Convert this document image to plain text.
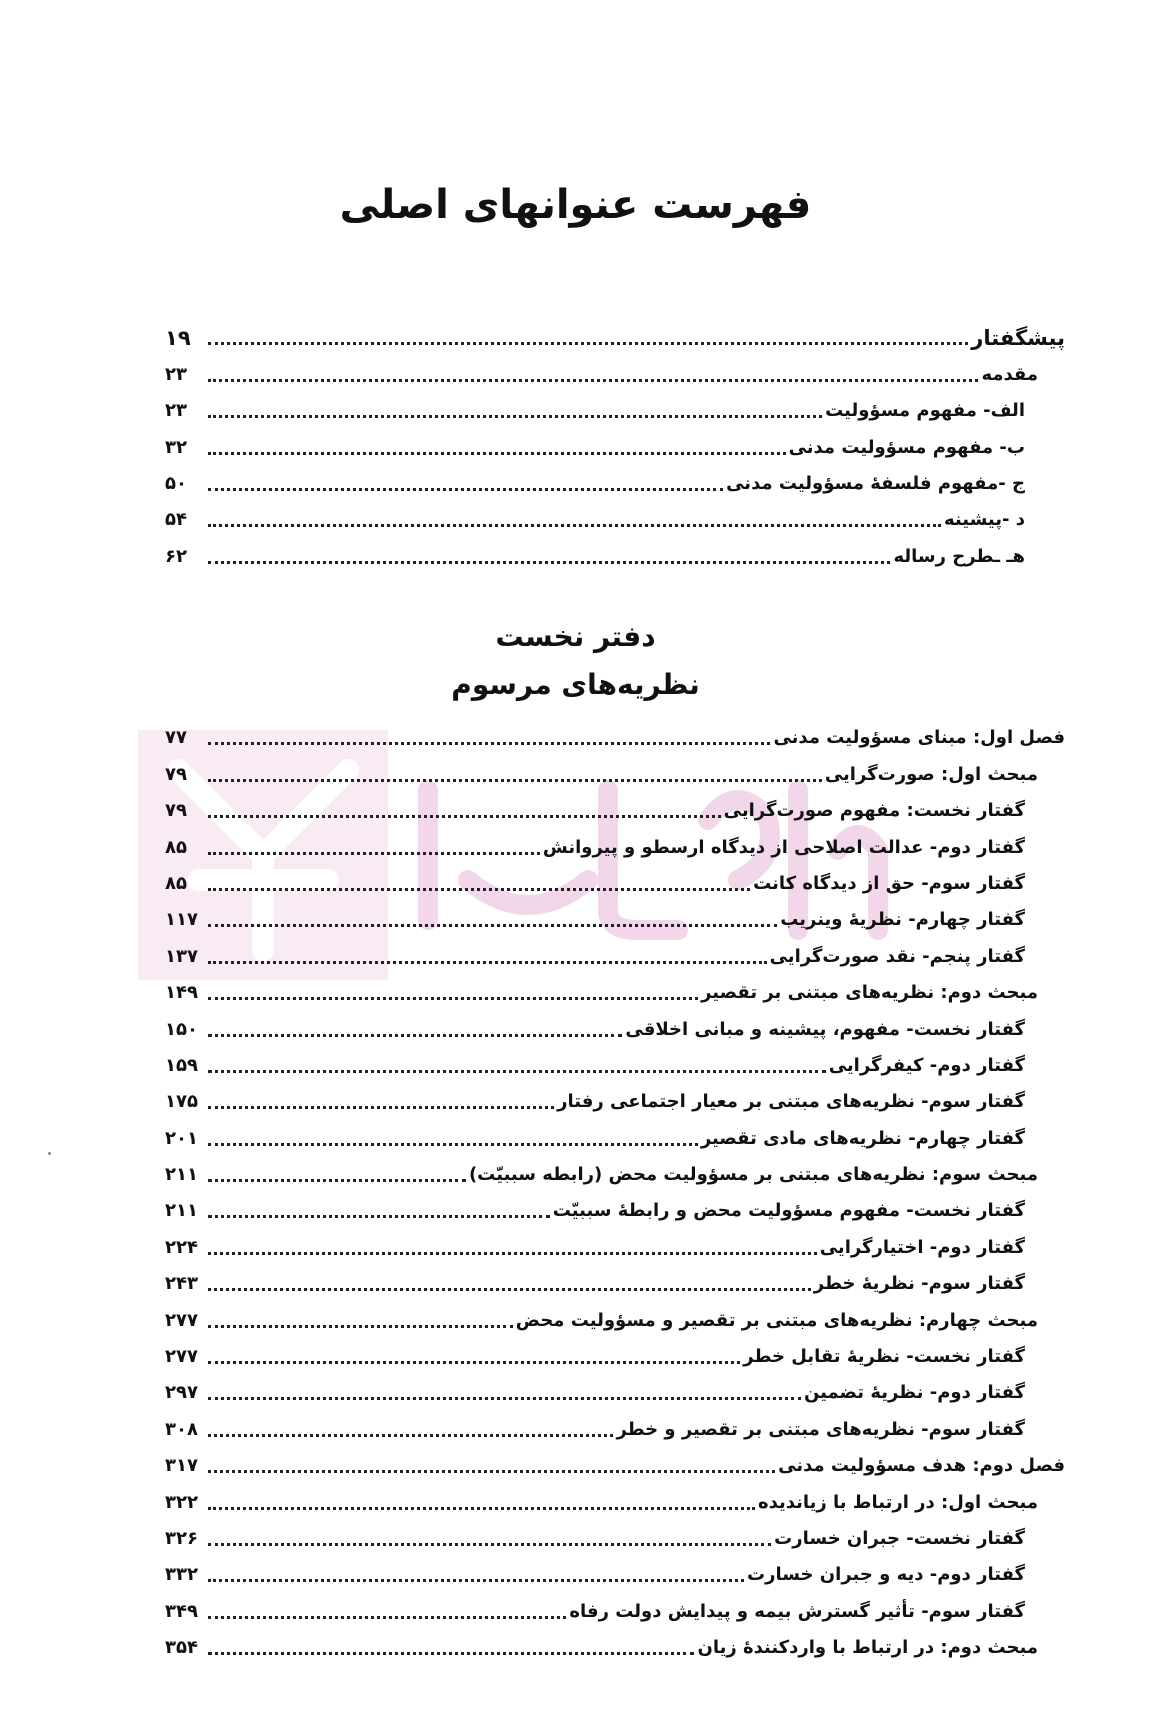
فهرست عنوانهای اصلی
پیشگفتار
۱۹
مقدمه
۲۳
الف- مفهوم مسؤولیت
۲۳
ب- مفهوم مسؤولیت مدنی
۳۲
ج -مفهوم فلسفهٔ مسؤولیت مدنی
۵۰
د -پیشینه
۵۴
هـ ـطرح رساله
۶۲
دفتر نخست
نظریه‌های مرسوم
فصل اول: مبنای مسؤولیت مدنی
۷۷
مبحث اول: صورت‌گرایی
۷۹
گفتار نخست: مفهوم صورت‌گرایی
۷۹
گفتار دوم- عدالت اصلاحی از دیدگاه ارسطو و پیروانش
۸۵
گفتار سوم- حق از دیدگاه کانت
۸۵
گفتار چهارم- نظریهٔ وینریب
۱۱۷
گفتار پنجم- نقد صورت‌گرایی
۱۳۷
مبحث دوم: نظریه‌های مبتنی بر تقصیر
۱۴۹
گفتار نخست- مفهوم، پیشینه و مبانی اخلاقی
۱۵۰
گفتار دوم- کیفرگرایی
۱۵۹
گفتار سوم- نظریه‌های مبتنی بر معیار اجتماعی رفتار
۱۷۵
گفتار چهارم- نظریه‌های مادی تقصیر
۲۰۱
مبحث سوم: نظریه‌های مبتنی بر مسؤولیت محض (رابطه سببیّت)
۲۱۱
گفتار نخست- مفهوم مسؤولیت محض و رابطهٔ سببیّت
۲۱۱
گفتار دوم- اختیارگرایی
۲۲۴
گفتار سوم- نظریهٔ خطر
۲۴۳
مبحث چهارم: نظریه‌های مبتنی بر تقصیر و مسؤولیت محض
۲۷۷
گفتار نخست- نظریهٔ تقابل خطر
۲۷۷
گفتار دوم- نظریهٔ تضمین
۲۹۷
گفتار سوم- نظریه‌های مبتنی بر تقصیر و خطر
۳۰۸
فصل دوم: هدف مسؤولیت مدنی
۳۱۷
مبحث اول: در ارتباط با زیاندیده
۳۲۲
گفتار نخست- جبران خسارت
۳۲۶
گفتار دوم- دیه و جبران خسارت
۳۳۲
گفتار سوم- تأثیر گسترش بیمه و پیدایش دولت رفاه
۳۴۹
مبحث دوم: در ارتباط با واردکنندهٔ زیان
۳۵۴
